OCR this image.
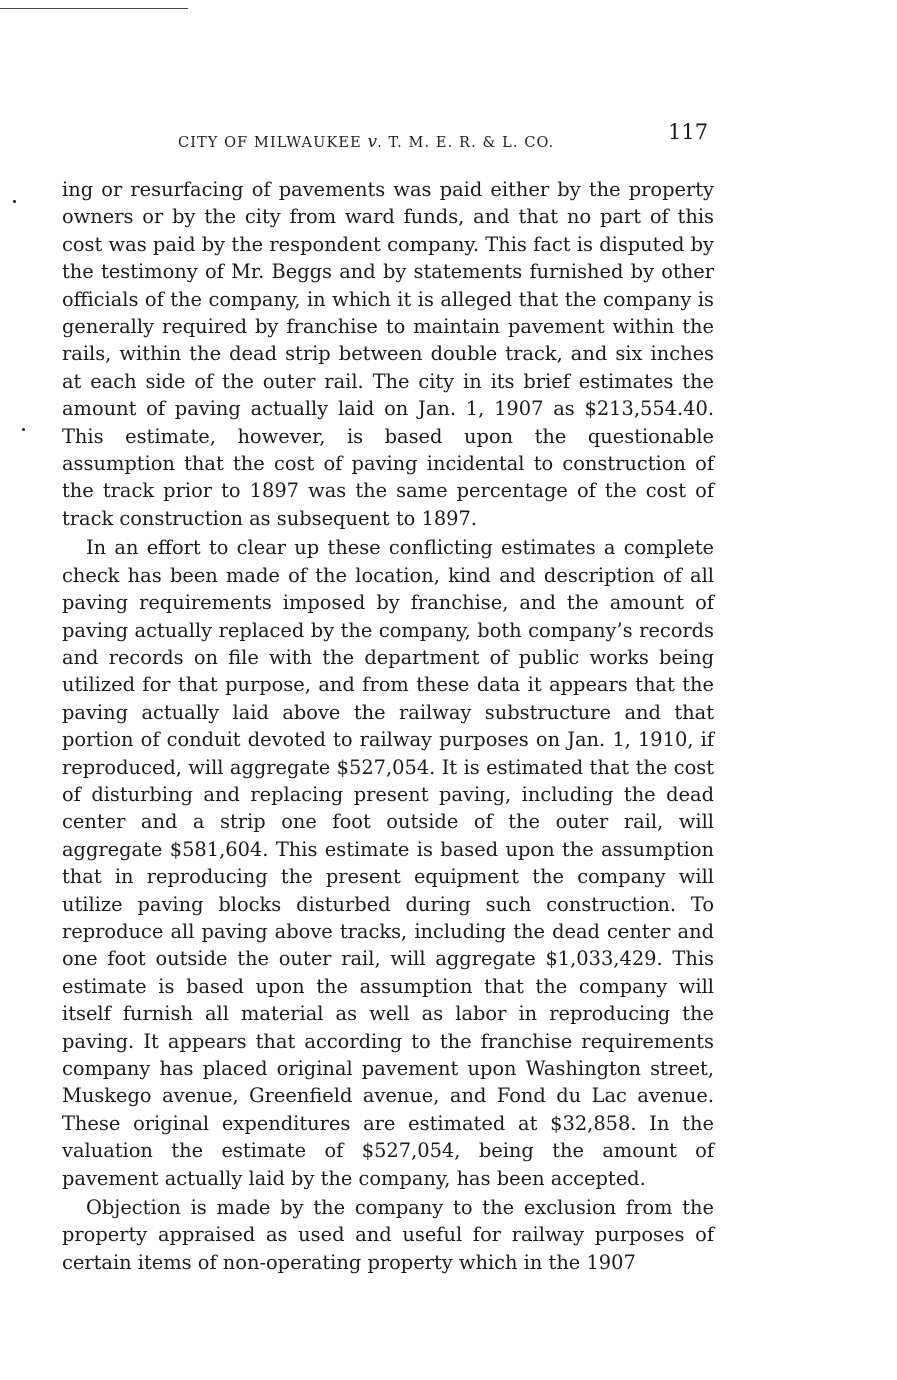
CITY OF MILWAUKEE v. T. M. E. R. & L. CO.	117

ing or resurfacing of pavements was paid either by the property owners or by the city from ward funds, and that no part of this cost was paid by the respondent company. This fact is disputed by the testimony of Mr. Beggs and by statements furnished by other officials of the company, in which it is alleged that the company is generally required by franchise to maintain pavement within the rails, within the dead strip between double track, and six inches at each side of the outer rail. The city in its brief estimates the amount of paving actually laid on Jan. 1, 1907 as $213,554.40. This estimate, however, is based upon the questionable assumption that the cost of paving incidental to construction of the track prior to 1897 was the same percentage of the cost of track construction as subsequent to 1897.

In an effort to clear up these conflicting estimates a complete check has been made of the location, kind and description of all paving requirements imposed by franchise, and the amount of paving actually replaced by the company, both company’s records and records on file with the department of public works being utilized for that purpose, and from these data it appears that the paving actually laid above the railway substructure and that portion of conduit devoted to railway purposes on Jan. 1, 1910, if reproduced, will aggregate $527,054. It is estimated that the cost of disturbing and replacing present paving, including the dead center and a strip one foot outside of the outer rail, will aggregate $581,604. This estimate is based upon the assumption that in reproducing the present equipment the company will utilize paving blocks disturbed during such construction. To reproduce all paving above tracks, including the dead center and one foot outside the outer rail, will aggregate $1,033,429. This estimate is based upon the assumption that the company will itself furnish all material as well as labor in reproducing the paving. It appears that according to the franchise requirements company has placed original pavement upon Washington street, Muskego avenue, Greenfield avenue, and Fond du Lac avenue. These original expenditures are estimated at $32,858. In the valuation the estimate of $527,054, being the amount of pavement actually laid by the company, has been accepted.

Objection is made by the company to the exclusion from the property appraised as used and useful for railway purposes of certain items of non-operating property which in the 1907
